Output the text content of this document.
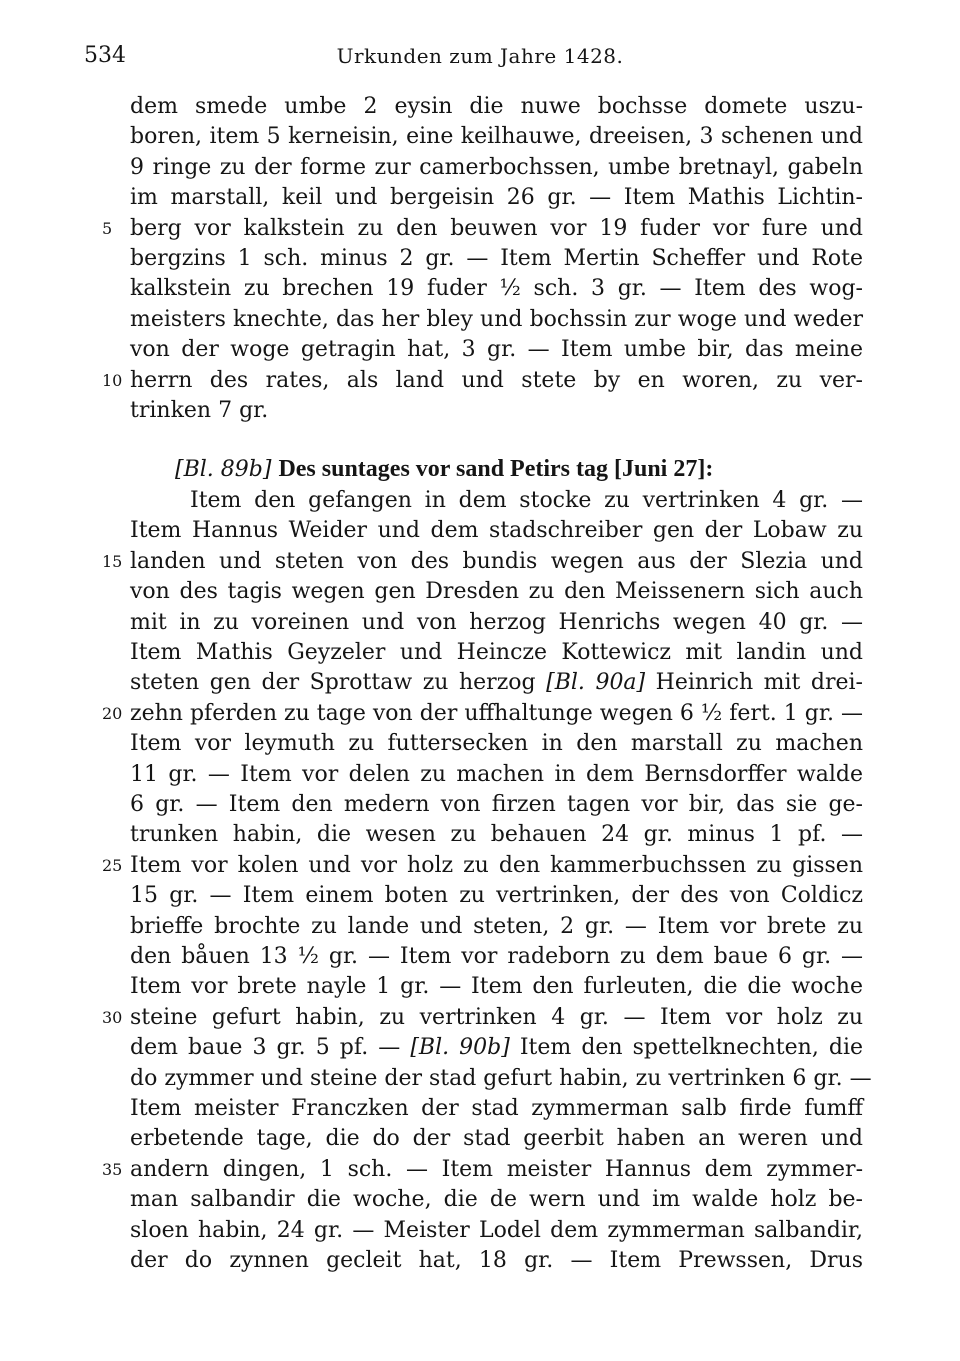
534	Urkunden zum Jahre 1428.
dem smede umbe 2 eysin die nuwe bochsse domete uszu-
boren, item 5 kerneisin, eine keilhauwe, dreeisen, 3 schenen und
9 ringe zu der forme zur camerbochssen, umbe bretnayl, gabeln
im marstall, keil und bergeisin 26 gr. — Item Mathis Lichtin-
berg vor kalkstein zu den beuwen vor 19 fuder vor fure und
5
bergzins 1 sch. minus 2 gr. — Item Mertin Scheffer und Rote
kalkstein zu brechen 19 fuder ½ sch. 3 gr. — Item des wog-
meisters knechte, das her bley und bochssin zur woge und weder
von der woge getragin hat, 3 gr. — Item umbe bir, das meine
herrn des rates, als land und stete by en woren, zu ver-
10
trinken 7 gr.
[Bl. 89b] Des suntages vor sand Petirs tag [Juni 27]:
Item den gefangen in dem stocke zu vertrinken 4 gr. —
Item Hannus Weider und dem stadschreiber gen der Lobaw zu
landen und steten von des bundis wegen aus der Slezia und
15
von des tagis wegen gen Dresden zu den Meissenern sich auch
mit in zu voreinen und von herzog Henrichs wegen 40 gr. —
Item Mathis Geyzeler und Heincze Kottewicz mit landin und
steten gen der Sprottaw zu herzog [Bl. 90a] Heinrich mit drei-
zehn pferden zu tage von der uffhaltunge wegen 6 ½ fert. 1 gr. —
20
Item vor leymuth zu futtersecken in den marstall zu machen
11 gr. — Item vor delen zu machen in dem Bernsdorffer walde
6 gr. — Item den medern von firzen tagen vor bir, das sie ge-
trunken habin, die wesen zu behauen 24 gr. minus 1 pf. —
Item vor kolen und vor holz zu den kammerbuchssen zu gissen
25
15 gr. — Item einem boten zu vertrinken, der des von Coldicz
brieffe brochte zu lande und steten, 2 gr. — Item vor brete zu
den båuen 13 ½ gr. — Item vor radeborn zu dem baue 6 gr. —
Item vor brete nayle 1 gr. — Item den furleuten, die die woche
steine gefurt habin, zu vertrinken 4 gr. — Item vor holz zu
30
dem baue 3 gr. 5 pf. — [Bl. 90b] Item den spettelknechten, die
do zymmer und steine der stad gefurt habin, zu vertrinken 6 gr. —
Item meister Franczken der stad zymmerman salb firde fumff
erbetende tage, die do der stad geerbit haben an weren und
andern dingen, 1 sch. — Item meister Hannus dem zymmer-
35
man salbandir die woche, die de wern und im walde holz be-
sloen habin, 24 gr. — Meister Lodel dem zymmerman salbandir,
der do zynnen gecleit hat, 18 gr. — Item Prewssen, Drus
